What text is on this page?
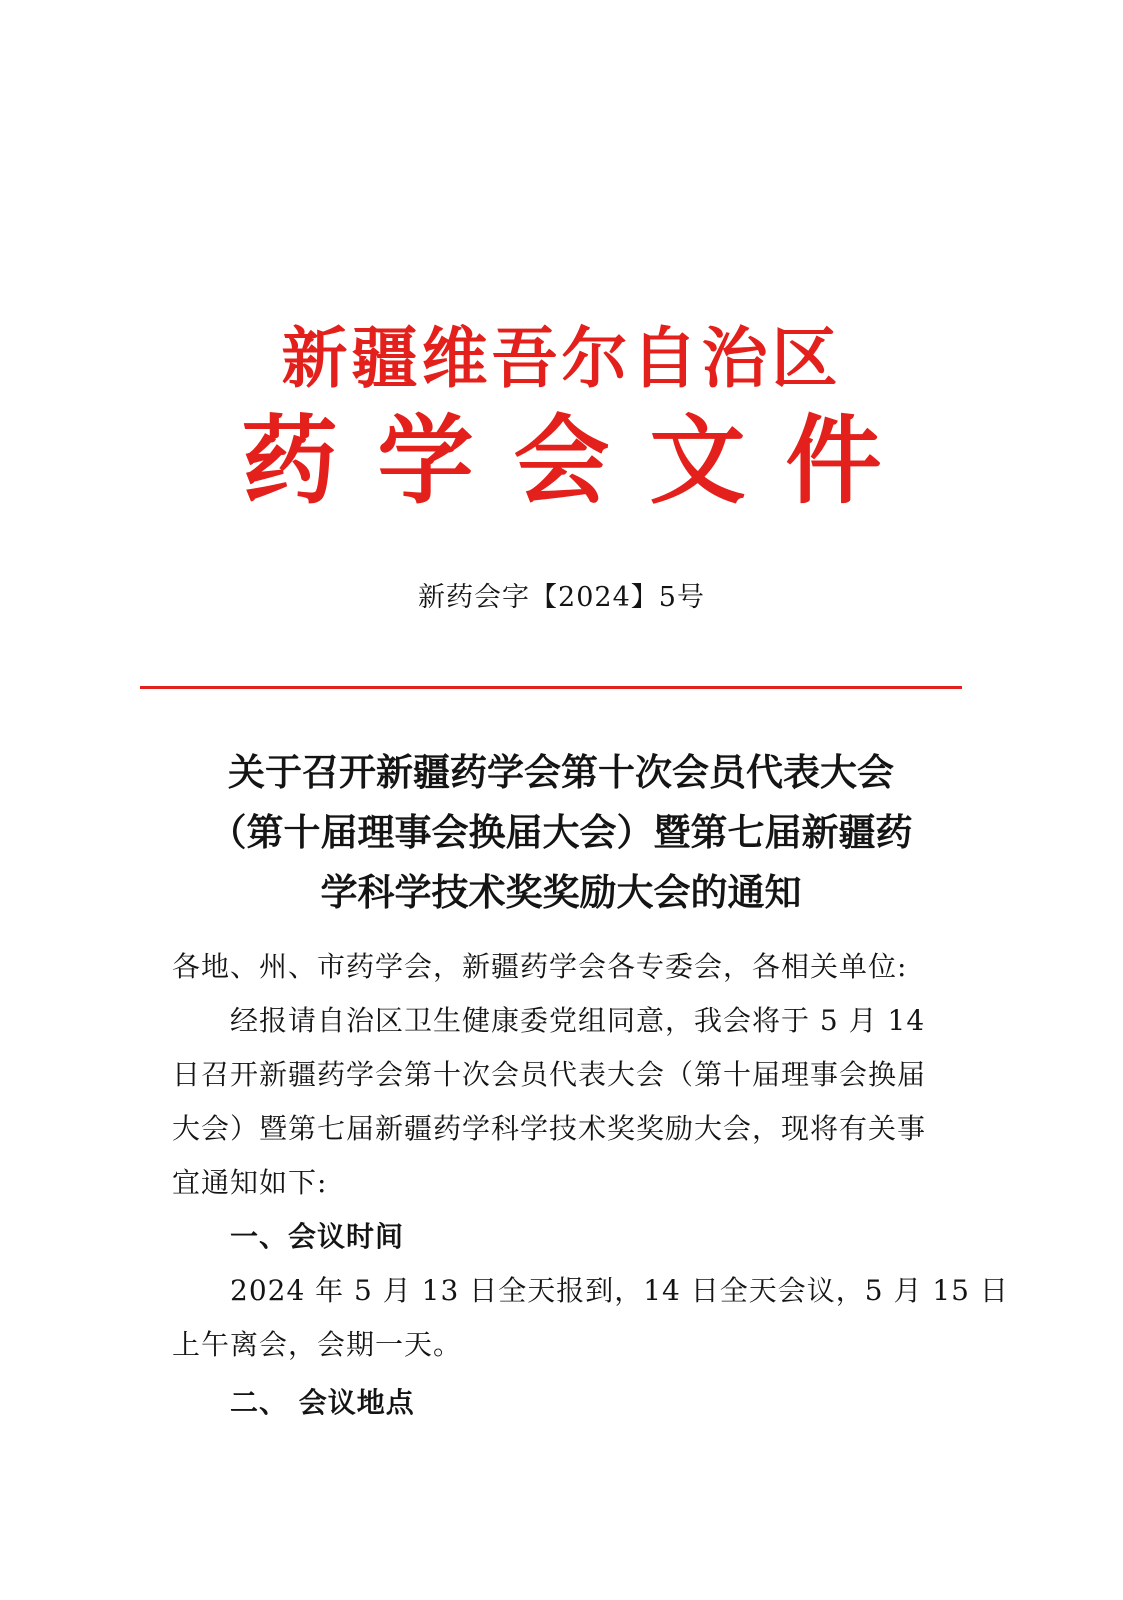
新疆维吾尔自治区
药学会文件
新药会字【2024】5号
关于召开新疆药学会第十次会员代表大会
（第十届理事会换届大会）暨第七届新疆药
学科学技术奖奖励大会的通知
各地、州、市药学会，新疆药学会各专委会，各相关单位:
经报请自治区卫生健康委党组同意，我会将于 5 月 14
日召开新疆药学会第十次会员代表大会（第十届理事会换届
大会）暨第七届新疆药学科学技术奖奖励大会，现将有关事
宜通知如下:
一、会议时间
2024 年 5 月 13 日全天报到，14 日全天会议，5 月 15 日
上午离会，会期一天。
二、 会议地点
